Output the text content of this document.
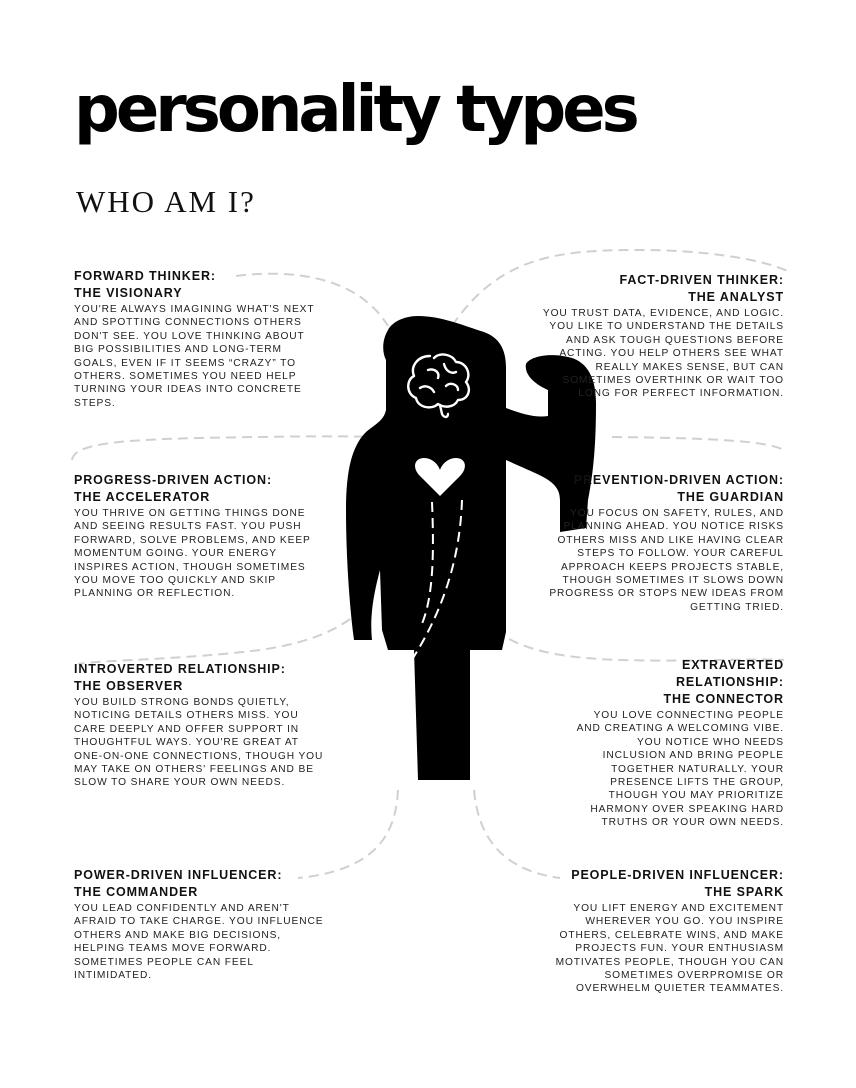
personality types
WHO AM I?

FORWARD THINKER:

THE VISIONARY

YOU'RE ALWAYS IMAGINING WHAT'S NEXT AND SPOTTING CONNECTIONS OTHERS DON'T SEE. YOU LOVE THINKING ABOUT BIG POSSIBILITIES AND LONG-TERM GOALS, EVEN IF IT SEEMS “CRAZY” TO OTHERS. SOMETIMES YOU NEED HELP TURNING YOUR IDEAS INTO CONCRETE STEPS.

PROGRESS-DRIVEN ACTION:

THE ACCELERATOR

YOU THRIVE ON GETTING THINGS DONE AND SEEING RESULTS FAST. YOU PUSH FORWARD, SOLVE PROBLEMS, AND KEEP MOMENTUM GOING. YOUR ENERGY INSPIRES ACTION, THOUGH SOMETIMES YOU MOVE TOO QUICKLY AND SKIP PLANNING OR REFLECTION.

INTROVERTED RELATIONSHIP:

THE OBSERVER

YOU BUILD STRONG BONDS QUIETLY, NOTICING DETAILS OTHERS MISS. YOU CARE DEEPLY AND OFFER SUPPORT IN THOUGHTFUL WAYS. YOU'RE GREAT AT ONE-ON-ONE CONNECTIONS, THOUGH YOU MAY TAKE ON OTHERS' FEELINGS AND BE SLOW TO SHARE YOUR OWN NEEDS.

POWER-DRIVEN INFLUENCER:

THE COMMANDER

YOU LEAD CONFIDENTLY AND AREN'T AFRAID TO TAKE CHARGE. YOU INFLUENCE OTHERS AND MAKE BIG DECISIONS, HELPING TEAMS MOVE FORWARD. SOMETIMES PEOPLE CAN FEEL INTIMIDATED.

FACT-DRIVEN THINKER:

THE ANALYST

YOU TRUST DATA, EVIDENCE, AND LOGIC. YOU LIKE TO UNDERSTAND THE DETAILS AND ASK TOUGH QUESTIONS BEFORE ACTING. YOU HELP OTHERS SEE WHAT REALLY MAKES SENSE, BUT CAN SOMETIMES OVERTHINK OR WAIT TOO LONG FOR PERFECT INFORMATION.

PREVENTION-DRIVEN ACTION:

THE GUARDIAN

YOU FOCUS ON SAFETY, RULES, AND PLANNING AHEAD. YOU NOTICE RISKS OTHERS MISS AND LIKE HAVING CLEAR STEPS TO FOLLOW. YOUR CAREFUL APPROACH KEEPS PROJECTS STABLE, THOUGH SOMETIMES IT SLOWS DOWN PROGRESS OR STOPS NEW IDEAS FROM GETTING TRIED.

EXTRAVERTED RELATIONSHIP:

THE CONNECTOR

YOU LOVE CONNECTING PEOPLE AND CREATING A WELCOMING VIBE. YOU NOTICE WHO NEEDS INCLUSION AND BRING PEOPLE TOGETHER NATURALLY. YOUR PRESENCE LIFTS THE GROUP, THOUGH YOU MAY PRIORITIZE HARMONY OVER SPEAKING HARD TRUTHS OR YOUR OWN NEEDS.

PEOPLE-DRIVEN INFLUENCER:

THE SPARK

YOU LIFT ENERGY AND EXCITEMENT WHEREVER YOU GO. YOU INSPIRE OTHERS, CELEBRATE WINS, AND MAKE PROJECTS FUN. YOUR ENTHUSIASM MOTIVATES PEOPLE, THOUGH YOU CAN SOMETIMES OVERPROMISE OR OVERWHELM QUIETER TEAMMATES.
